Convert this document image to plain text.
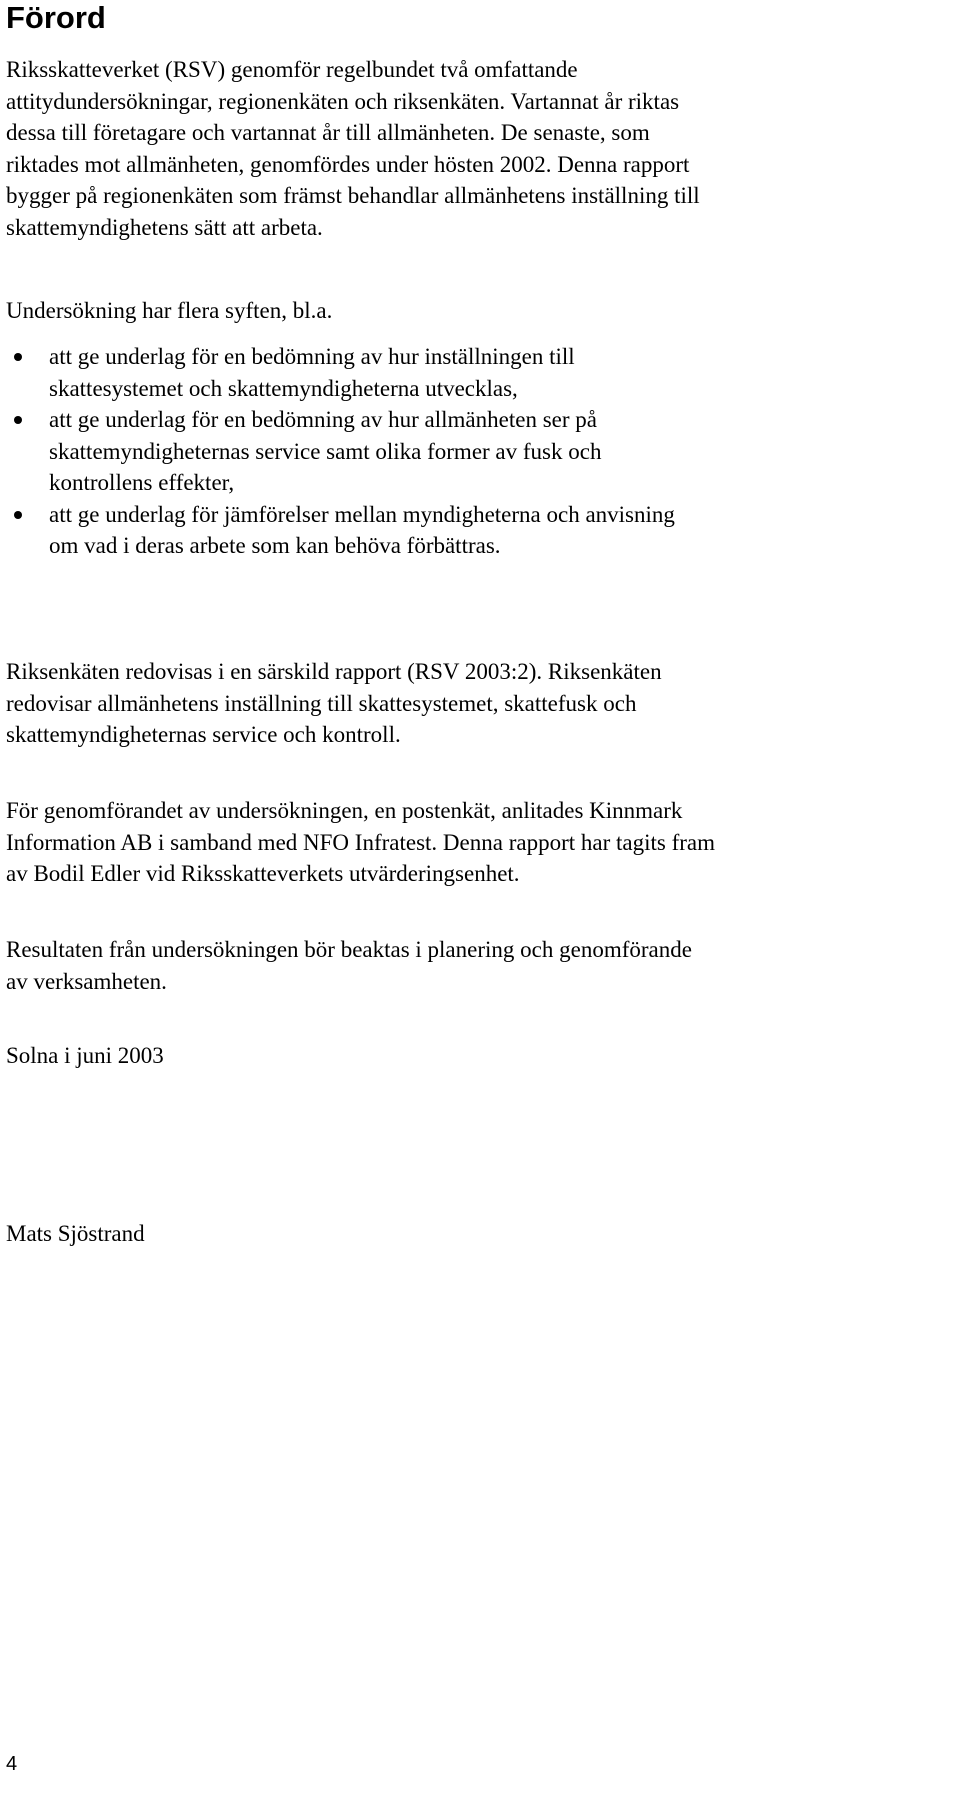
Förord
Riksskatteverket (RSV) genomför regelbundet två omfattande
attitydundersökningar, regionenkäten och riksenkäten. Vartannat år riktas
dessa till företagare och vartannat år till allmänheten. De senaste, som
riktades mot allmänheten, genomfördes under hösten 2002. Denna rapport
bygger på regionenkäten som främst behandlar allmänhetens inställning till
skattemyndighetens sätt att arbeta.

Undersökning har flera syften, bl.a.

att ge underlag för en bedömning av hur inställningen till
skattesystemet och skattemyndigheterna utvecklas,
att ge underlag för en bedömning av hur allmänheten ser på
skattemyndigheternas service samt olika former av fusk och
kontrollens effekter,
att ge underlag för jämförelser mellan myndigheterna och anvisning
om vad i deras arbete som kan behöva förbättras.
Riksenkäten redovisas i en särskild rapport (RSV 2003:2). Riksenkäten
redovisar allmänhetens inställning till skattesystemet, skattefusk och
skattemyndigheternas service och kontroll.
För genomförandet av undersökningen, en postenkät, anlitades Kinnmark
Information AB i samband med NFO Infratest. Denna rapport har tagits fram
av Bodil Edler vid Riksskatteverkets utvärderingsenhet.
Resultaten från undersökningen bör beaktas i planering och genomförande
av verksamheten.

Solna i juni 2003

Mats Sjöstrand

4
